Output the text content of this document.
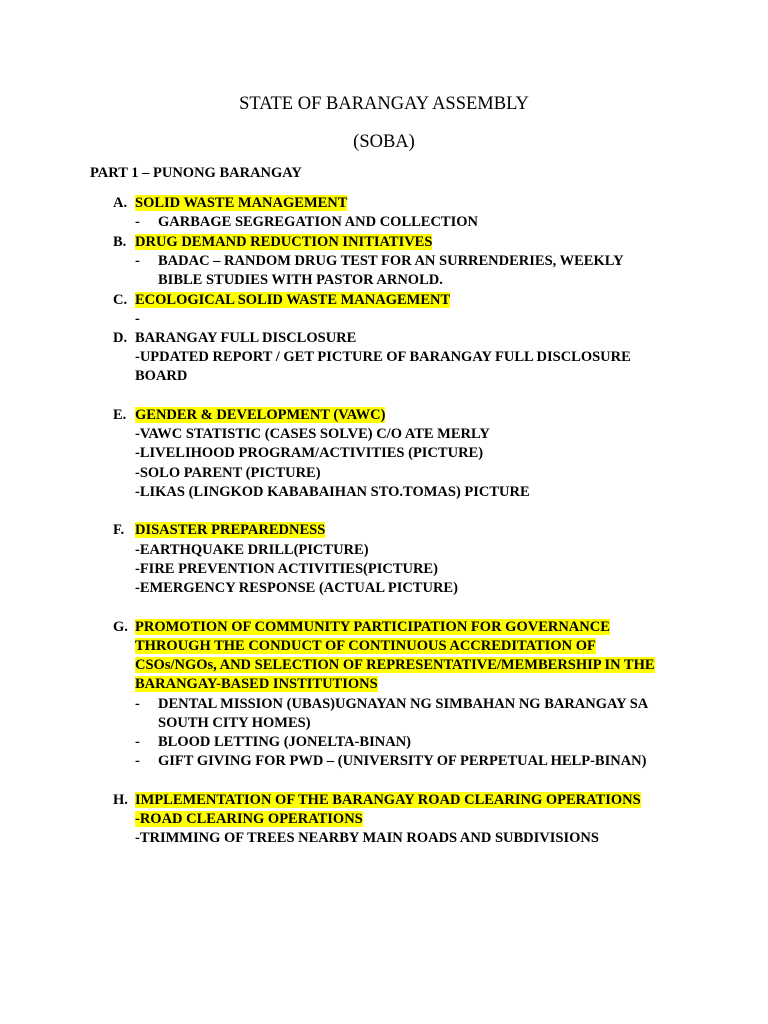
STATE OF BARANGAY ASSEMBLY
(SOBA)
PART 1 – PUNONG BARANGAY
A. SOLID WASTE MANAGEMENT
- GARBAGE SEGREGATION AND COLLECTION
B. DRUG DEMAND REDUCTION INITIATIVES
- BADAC – RANDOM DRUG TEST FOR AN SURRENDERIES, WEEKLY
BIBLE STUDIES WITH PASTOR ARNOLD.
C. ECOLOGICAL SOLID WASTE MANAGEMENT
-
D. BARANGAY FULL DISCLOSURE
-UPDATED REPORT / GET PICTURE OF BARANGAY FULL DISCLOSURE
BOARD
E. GENDER & DEVELOPMENT (VAWC)
-VAWC STATISTIC (CASES SOLVE) C/O ATE MERLY
-LIVELIHOOD PROGRAM/ACTIVITIES (PICTURE)
-SOLO PARENT (PICTURE)
-LIKAS (LINGKOD KABABAIHAN STO.TOMAS) PICTURE
F. DISASTER PREPAREDNESS
-EARTHQUAKE DRILL(PICTURE)
-FIRE PREVENTION ACTIVITIES(PICTURE)
-EMERGENCY RESPONSE (ACTUAL PICTURE)
G. PROMOTION OF COMMUNITY PARTICIPATION FOR GOVERNANCE
THROUGH THE CONDUCT OF CONTINUOUS ACCREDITATION OF
CSOs/NGOs, AND SELECTION OF REPRESENTATIVE/MEMBERSHIP IN THE
BARANGAY-BASED INSTITUTIONS
- DENTAL MISSION (UBAS)UGNAYAN NG SIMBAHAN NG BARANGAY SA
SOUTH CITY HOMES)
- BLOOD LETTING (JONELTA-BINAN)
- GIFT GIVING FOR PWD – (UNIVERSITY OF PERPETUAL HELP-BINAN)
H. IMPLEMENTATION OF THE BARANGAY ROAD CLEARING OPERATIONS
-ROAD CLEARING OPERATIONS
-TRIMMING OF TREES NEARBY MAIN ROADS AND SUBDIVISIONS
